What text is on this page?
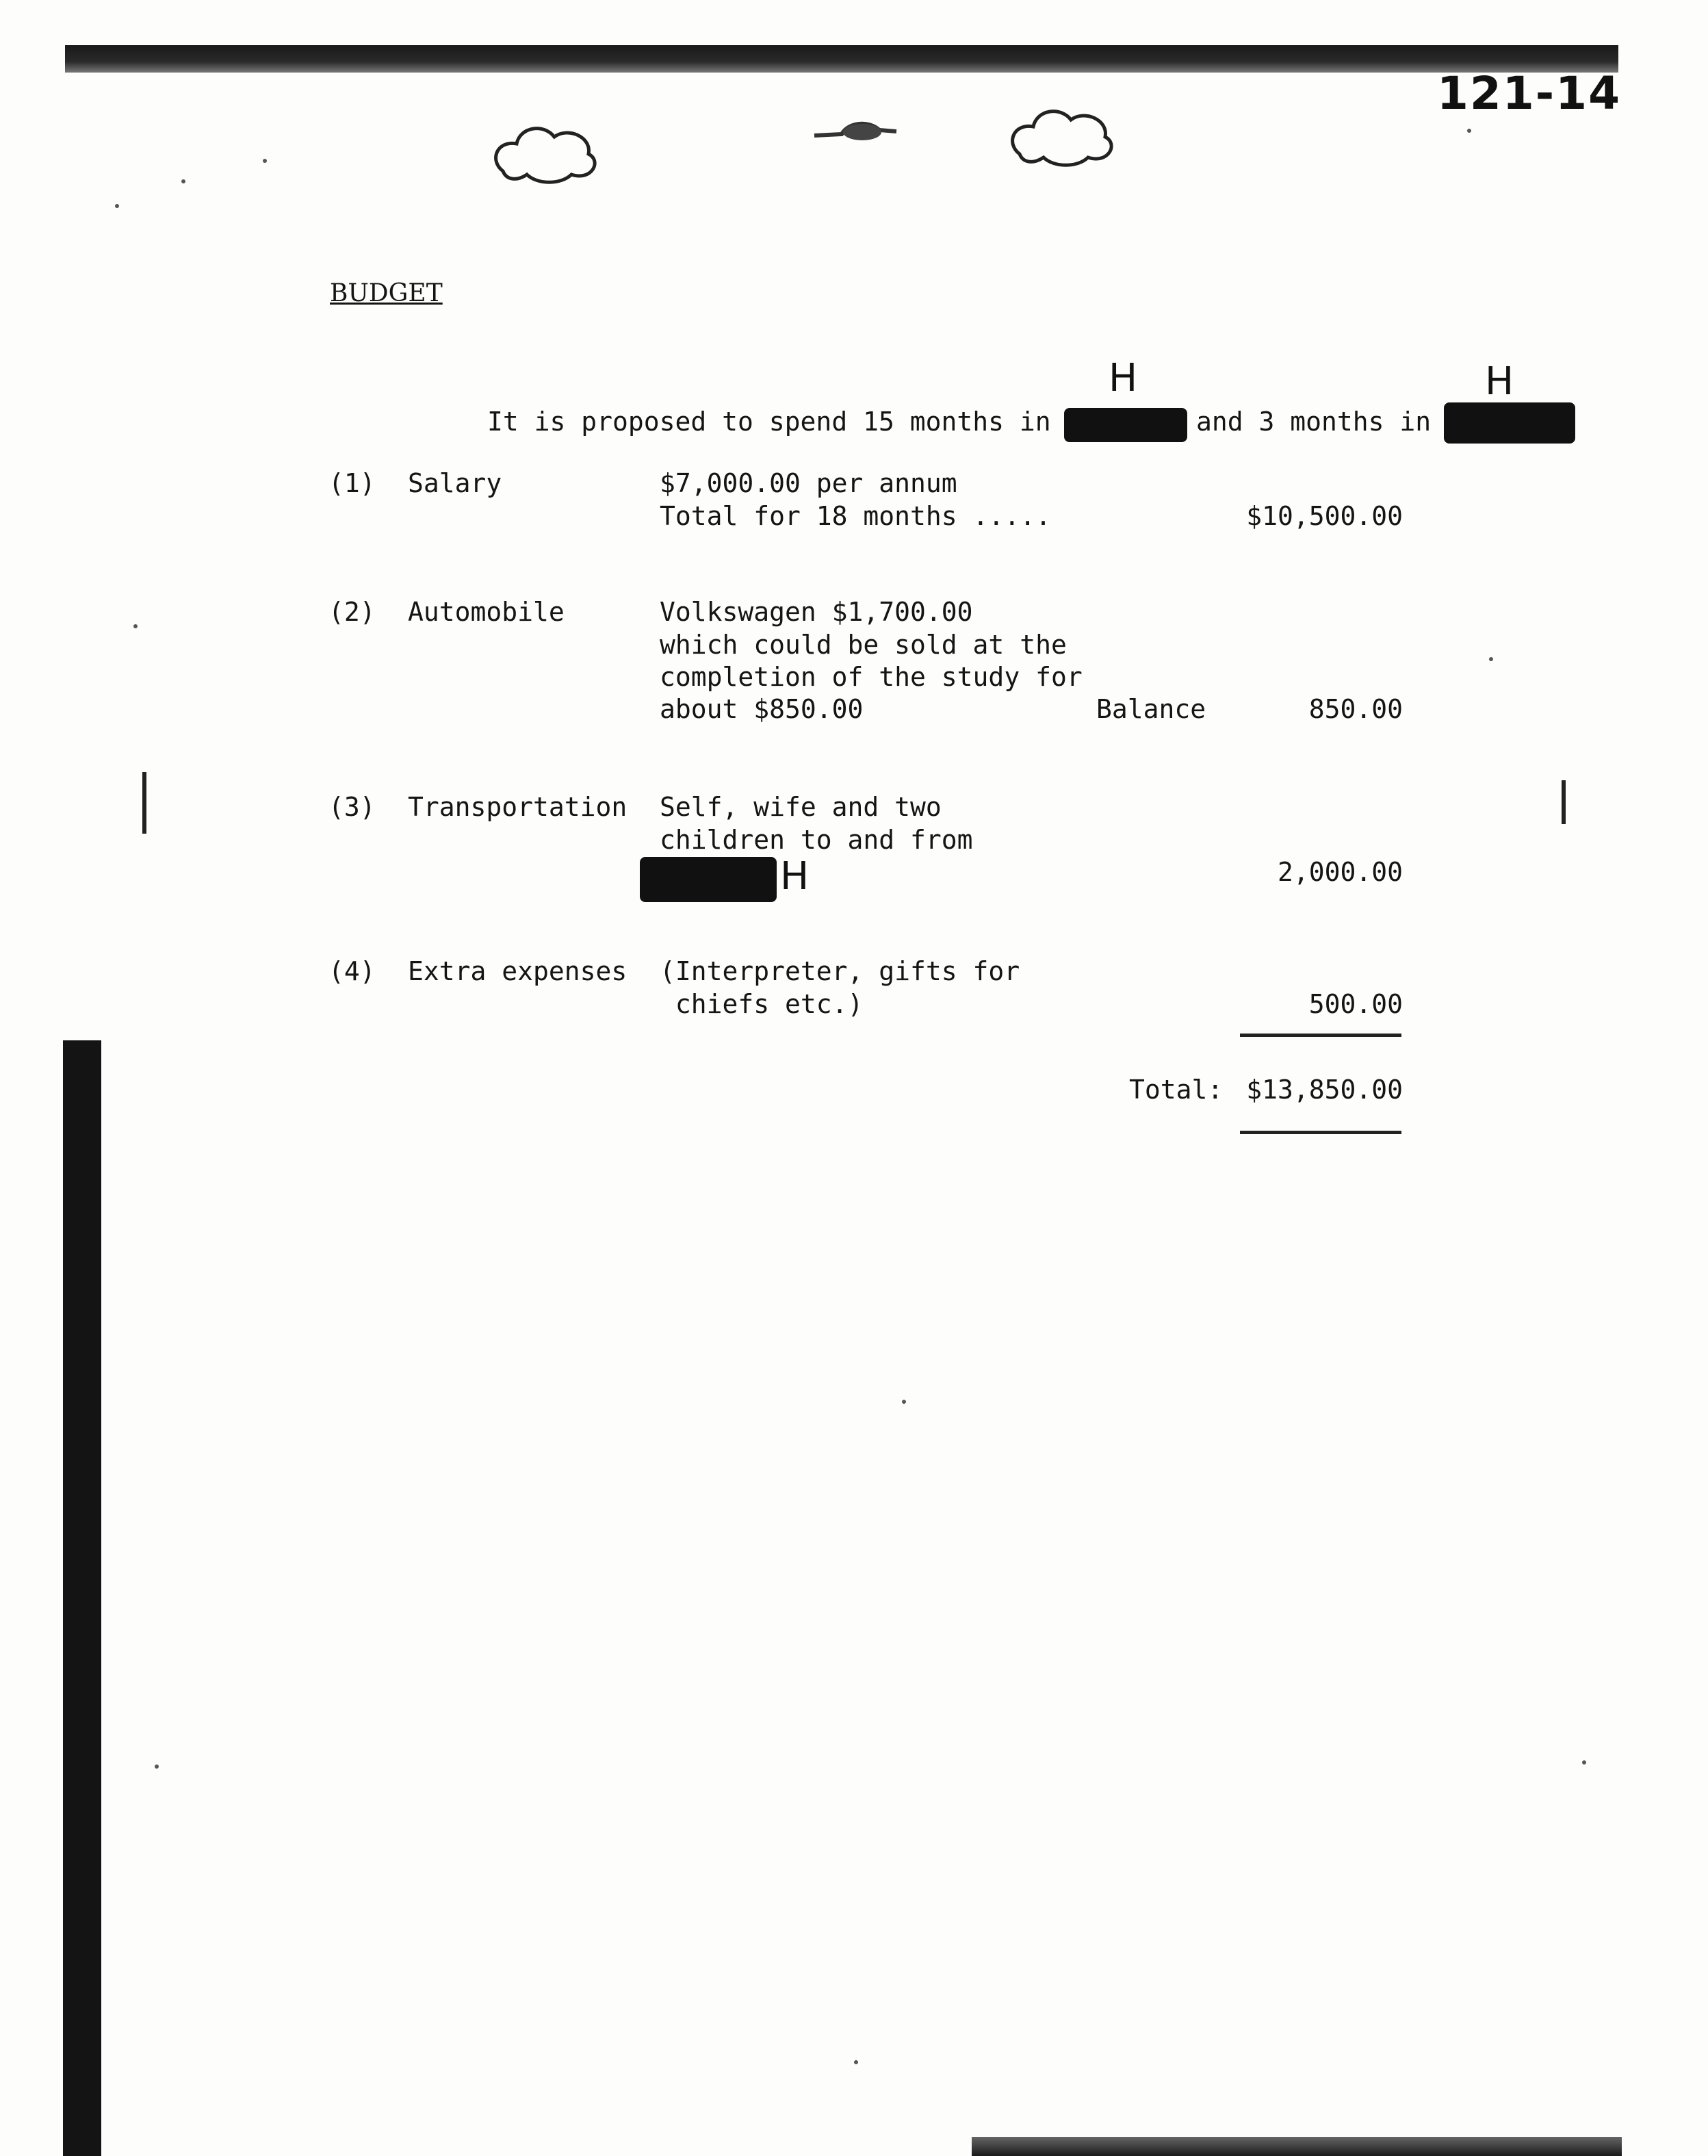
121-14
BUDGET
It is proposed to spend 15 months in
H
and 3 months in
H
(1) Salary	$7,000.00 per annum
Total for 18 months .....	$10,500.00
(2) Automobile	Volkswagen $1,700.00
which could be sold at the
completion of the study for
about $850.00	Balance	850.00
(3) Transportation Self, wife and two
children to and from
H	2,000.00
(4) Extra expenses (Interpreter, gifts for
chiefs etc.)	500.00
Total: $13,850.00
